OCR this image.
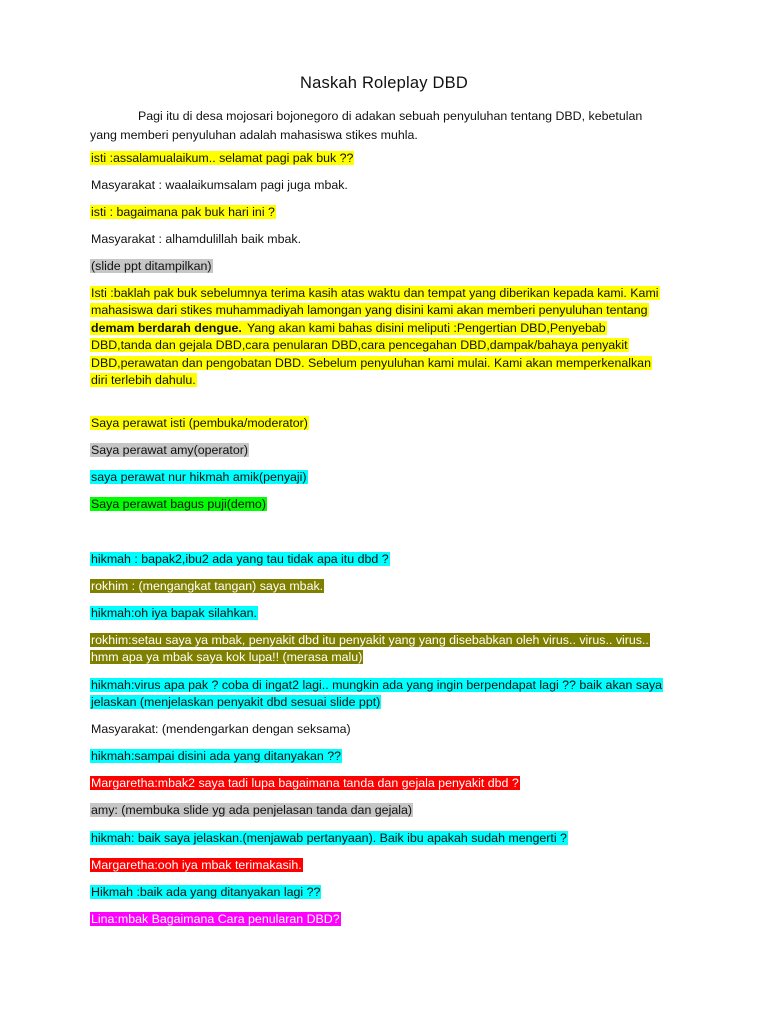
Naskah Roleplay DBD
Pagi itu di desa mojosari bojonegoro di adakan sebuah penyuluhan tentang DBD, kebetulan yang memberi penyuluhan adalah mahasiswa stikes muhla.
isti :assalamualaikum.. selamat pagi pak buk ??
Masyarakat : waalaikumsalam pagi juga mbak.
isti : bagaimana pak buk hari ini ?
Masyarakat : alhamdulillah baik mbak.
(slide ppt ditampilkan)
Isti :baklah pak buk sebelumnya terima kasih atas waktu dan tempat yang diberikan kepada kami. Kami mahasiswa dari stikes muhammadiyah lamongan yang disini kami akan memberi penyuluhan tentang demam berdarah dengue. Yang akan kami bahas disini meliputi :Pengertian DBD,Penyebab DBD,tanda dan gejala DBD,cara penularan DBD,cara pencegahan DBD,dampak/bahaya penyakit DBD,perawatan dan pengobatan DBD. Sebelum penyuluhan kami mulai. Kami akan memperkenalkan diri terlebih dahulu.
Saya perawat isti (pembuka/moderator)
Saya perawat amy(operator)
saya perawat nur hikmah amik(penyaji)
Saya perawat bagus puji(demo)
hikmah : bapak2,ibu2 ada yang tau tidak apa itu dbd ?
rokhim : (mengangkat tangan) saya mbak.
hikmah:oh iya bapak silahkan.
rokhim:setau saya ya mbak, penyakit dbd itu penyakit yang yang disebabkan oleh virus.. virus.. virus.. hmm apa ya mbak saya kok lupa!! (merasa malu)
hikmah:virus apa pak ? coba di ingat2 lagi.. mungkin ada yang ingin berpendapat lagi ?? baik akan saya jelaskan (menjelaskan penyakit dbd sesuai slide ppt)
Masyarakat: (mendengarkan dengan seksama)
hikmah:sampai disini ada yang ditanyakan ??
Margaretha:mbak2 saya tadi lupa bagaimana tanda dan gejala penyakit dbd ?
amy: (membuka slide yg ada penjelasan tanda dan gejala)
hikmah: baik saya jelaskan.(menjawab pertanyaan). Baik ibu apakah sudah mengerti ?
Margaretha:ooh iya mbak terimakasih.
Hikmah :baik ada yang ditanyakan lagi ??
Lina:mbak Bagaimana Cara penularan DBD?
